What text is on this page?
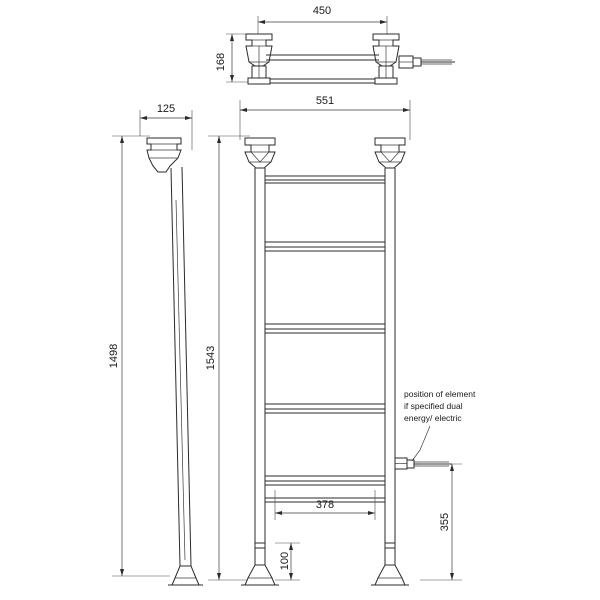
450
168
125
1498
551
1543
position of element
if specified dual
energy/ electric
378
100
355
